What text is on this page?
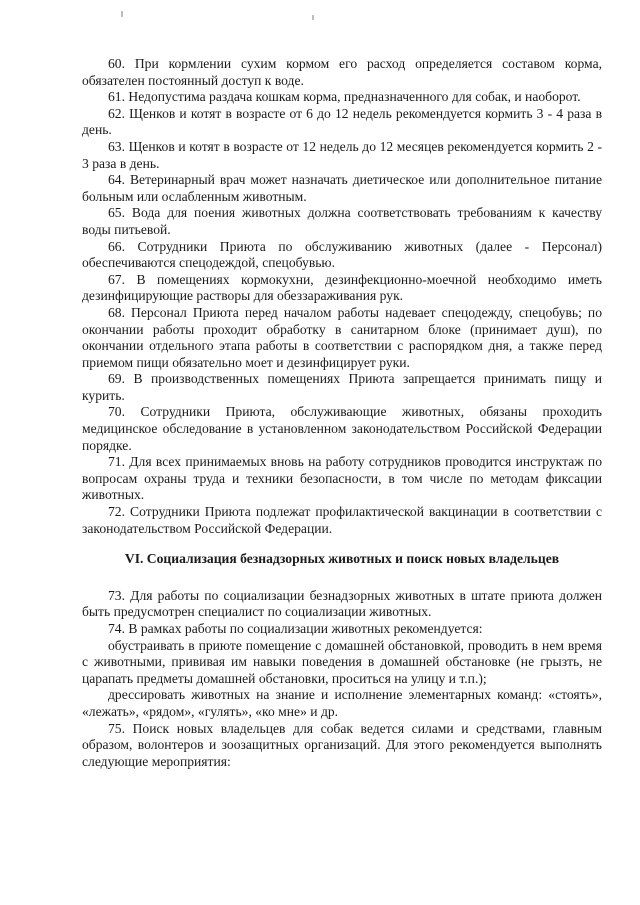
60. При кормлении сухим кормом его расход определяется составом корма, обязателен постоянный доступ к воде.

61. Недопустима раздача кошкам корма, предназначенного для собак, и наоборот.

62. Щенков и котят в возрасте от 6 до 12 недель рекомендуется кормить 3 - 4 раза в день.

63. Щенков и котят в возрасте от 12 недель до 12 месяцев рекомендуется кормить 2 - 3 раза в день.

64. Ветеринарный врач может назначать диетическое или дополнительное питание больным или ослабленным животным.

65. Вода для поения животных должна соответствовать требованиям к качеству воды питьевой.

66. Сотрудники Приюта по обслуживанию животных (далее - Персонал) обеспечиваются спецодеждой, спецобувью.

67. В помещениях кормокухни, дезинфекционно-моечной необходимо иметь дезинфицирующие растворы для обеззараживания рук.

68. Персонал Приюта перед началом работы надевает спецодежду, спецобувь; по окончании работы проходит обработку в санитарном блоке (принимает душ), по окончании отдельного этапа работы в соответствии с распорядком дня, а также перед приемом пищи обязательно моет и дезинфицирует руки.

69. В производственных помещениях Приюта запрещается принимать пищу и курить.

70. Сотрудники Приюта, обслуживающие животных, обязаны проходить медицинское обследование в установленном законодательством Российской Федерации порядке.

71. Для всех принимаемых вновь на работу сотрудников проводится инструктаж по вопросам охраны труда и техники безопасности, в том числе по методам фиксации животных.

72. Сотрудники Приюта подлежат профилактической вакцинации в соответствии с законодательством Российской Федерации.

VI. Социализация безнадзорных животных и поиск новых владельцев

73. Для работы по социализации безнадзорных животных в штате приюта должен быть предусмотрен специалист по социализации животных.

74. В рамках работы по социализации животных рекомендуется:

обустраивать в приюте помещение с домашней обстановкой, проводить в нем время с животными, прививая им навыки поведения в домашней обстановке (не грызть, не царапать предметы домашней обстановки, проситься на улицу и т.п.);

дрессировать животных на знание и исполнение элементарных команд: «стоять», «лежать», «рядом», «гулять», «ко мне» и др.

75. Поиск новых владельцев для собак ведется силами и средствами, главным образом, волонтеров и зоозащитных организаций. Для этого рекомендуется выполнять следующие мероприятия:
